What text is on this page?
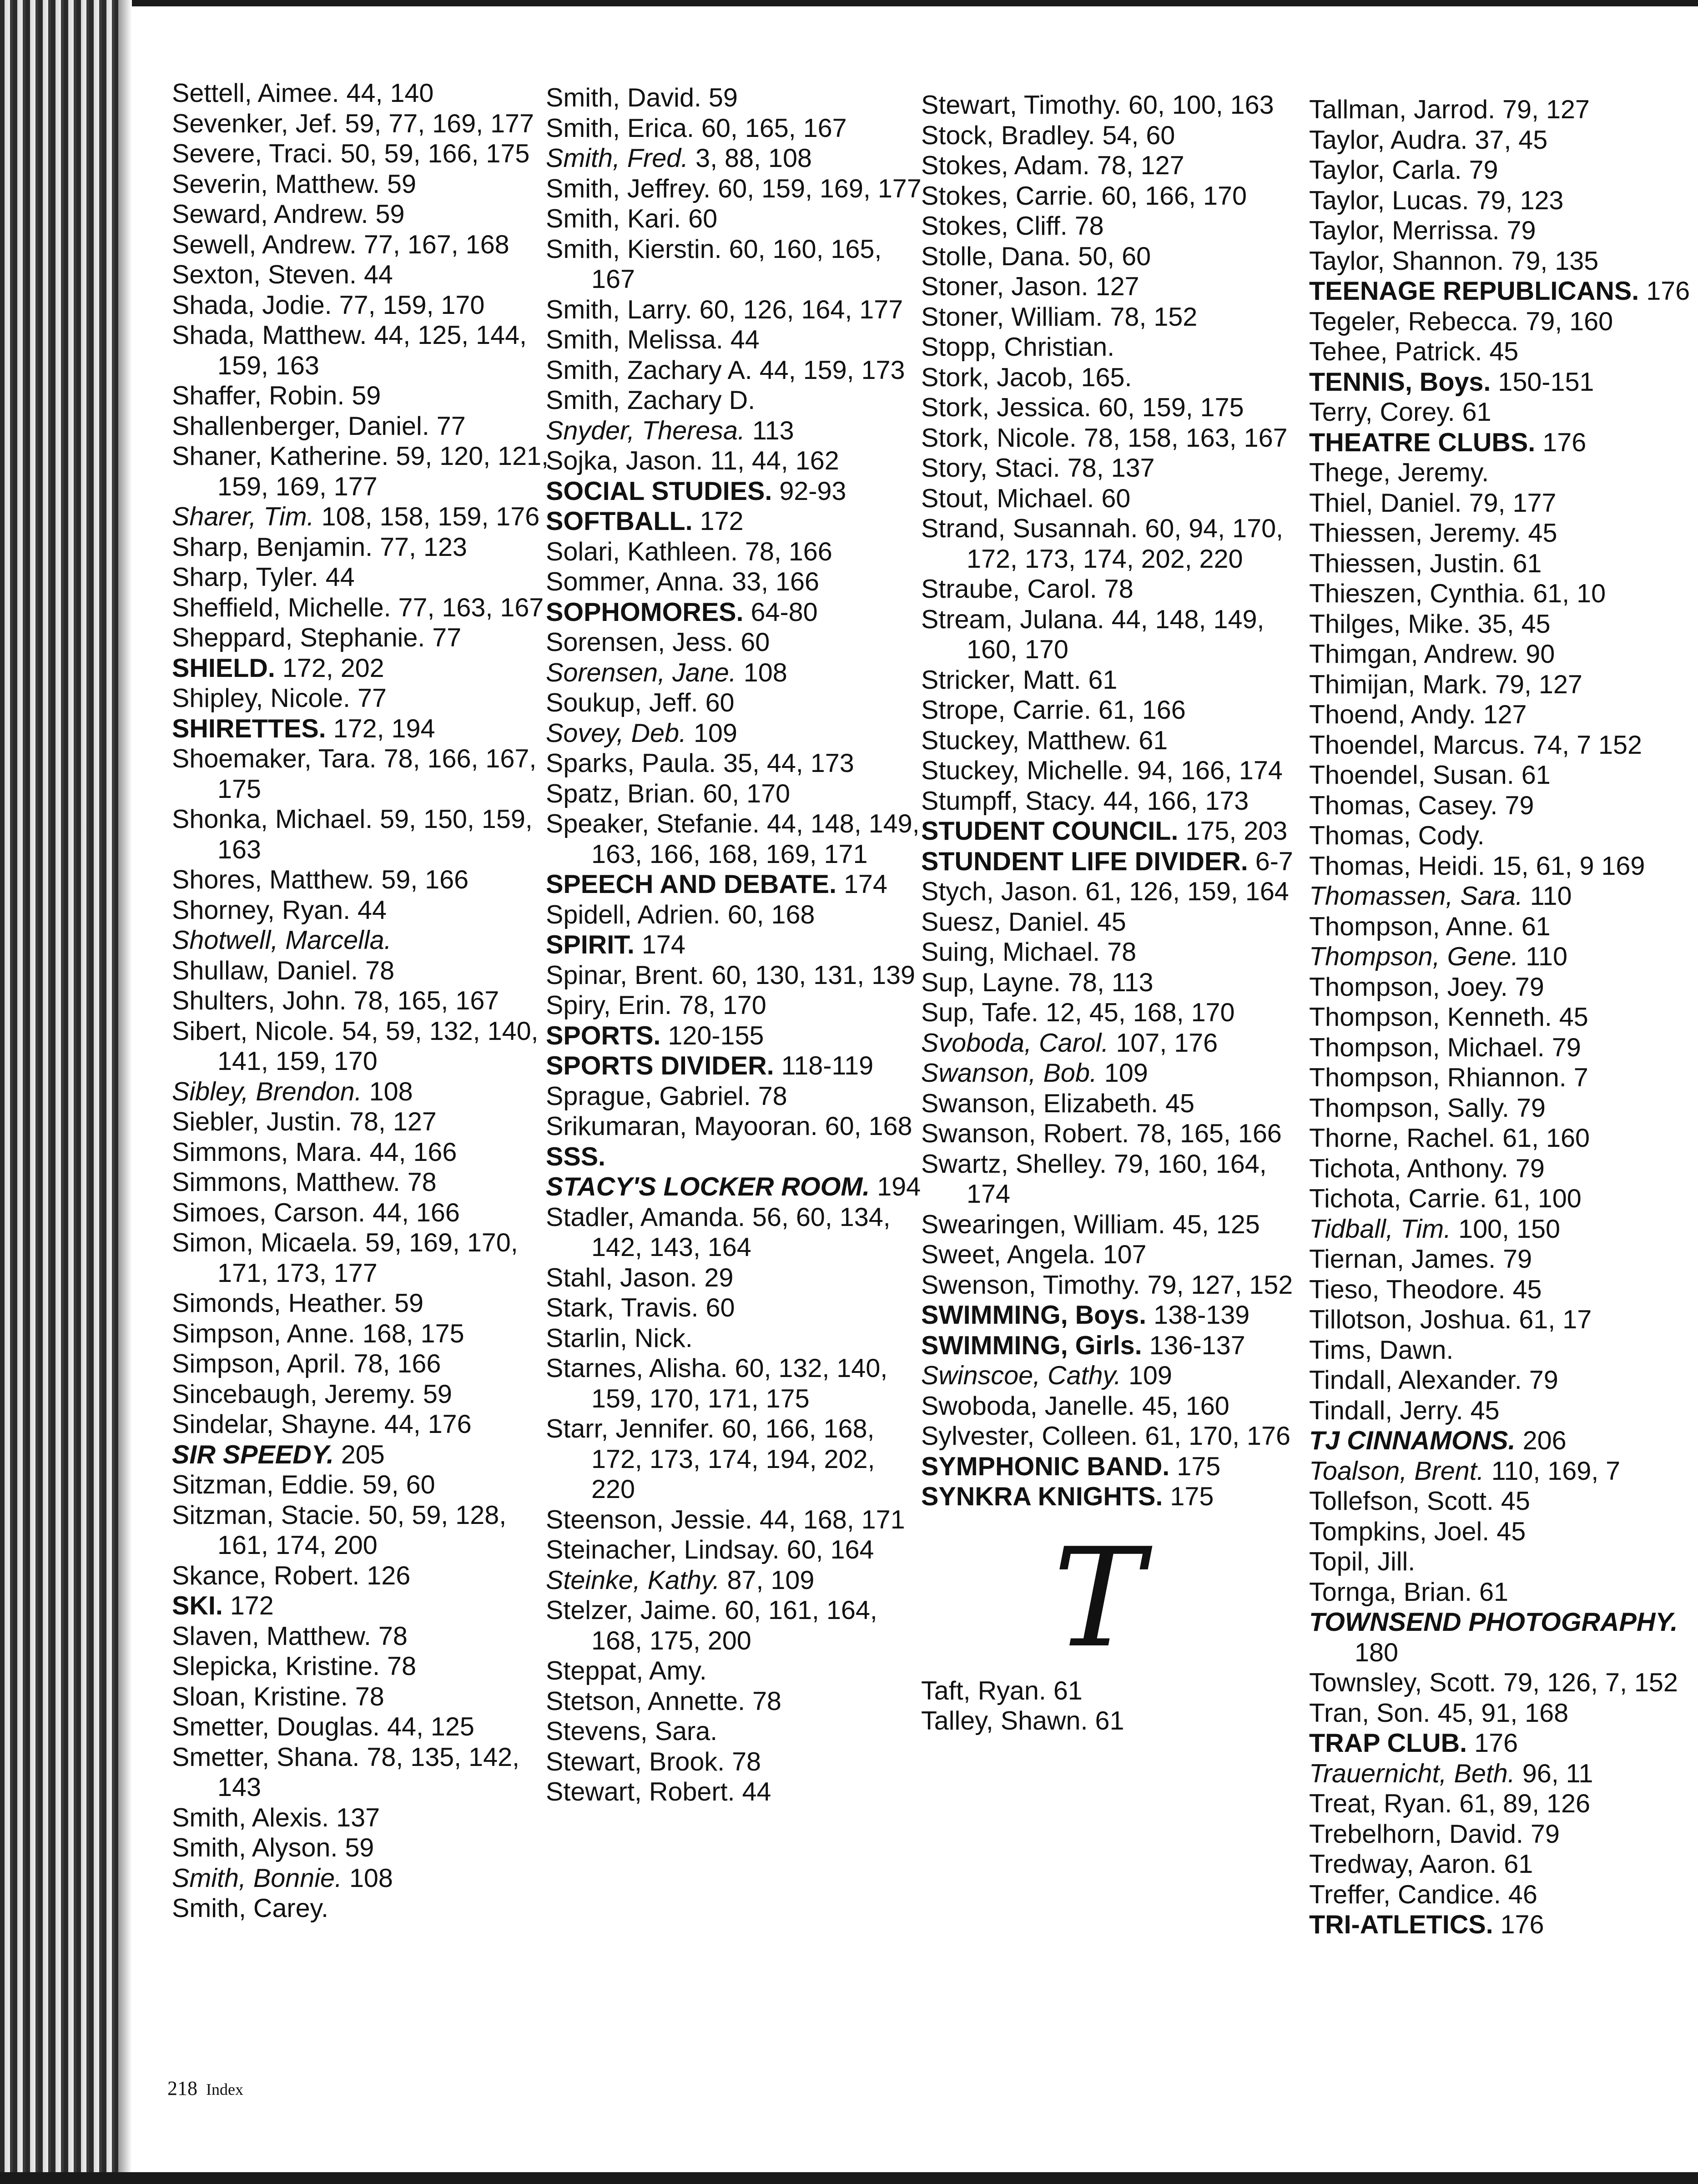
Settell, Aimee. 44, 140
Sevenker, Jef. 59, 77, 169, 177
Severe, Traci. 50, 59, 166, 175
Severin, Matthew. 59
Seward, Andrew. 59
Sewell, Andrew. 77, 167, 168
Sexton, Steven. 44
Shada, Jodie. 77, 159, 170
Shada, Matthew. 44, 125, 144, 159, 163
Shaffer, Robin. 59
Shallenberger, Daniel. 77
Shaner, Katherine. 59, 120, 121, 159, 169, 177
Sharer, Tim. 108, 158, 159, 176
Sharp, Benjamin. 77, 123
Sharp, Tyler. 44
Sheffield, Michelle. 77, 163, 167
Sheppard, Stephanie. 77
SHIELD. 172, 202
Shipley, Nicole. 77
SHIRETTES. 172, 194
Shoemaker, Tara. 78, 166, 167, 175
Shonka, Michael. 59, 150, 159, 163
Shores, Matthew. 59, 166
Shorney, Ryan. 44
Shotwell, Marcella.
Shullaw, Daniel. 78
Shulters, John. 78, 165, 167
Sibert, Nicole. 54, 59, 132, 140, 141, 159, 170
Sibley, Brendon. 108
Siebler, Justin. 78, 127
Simmons, Mara. 44, 166
Simmons, Matthew. 78
Simoes, Carson. 44, 166
Simon, Micaela. 59, 169, 170, 171, 173, 177
Simonds, Heather. 59
Simpson, Anne. 168, 175
Simpson, April. 78, 166
Sincebaugh, Jeremy. 59
Sindelar, Shayne. 44, 176
SIR SPEEDY. 205
Sitzman, Eddie. 59, 60
Sitzman, Stacie. 50, 59, 128, 161, 174, 200
Skance, Robert. 126
SKI. 172
Slaven, Matthew. 78
Slepicka, Kristine. 78
Sloan, Kristine. 78
Smetter, Douglas. 44, 125
Smetter, Shana. 78, 135, 142, 143
Smith, Alexis. 137
Smith, Alyson. 59
Smith, Bonnie. 108
Smith, Carey.
Smith, David. 59
Smith, Erica. 60, 165, 167
Smith, Fred. 3, 88, 108
Smith, Jeffrey. 60, 159, 169, 177
Smith, Kari. 60
Smith, Kierstin. 60, 160, 165, 167
Smith, Larry. 60, 126, 164, 177
Smith, Melissa. 44
Smith, Zachary A. 44, 159, 173
Smith, Zachary D.
Snyder, Theresa. 113
Sojka, Jason. 11, 44, 162
SOCIAL STUDIES. 92-93
SOFTBALL. 172
Solari, Kathleen. 78, 166
Sommer, Anna. 33, 166
SOPHOMORES. 64-80
Sorensen, Jess. 60
Sorensen, Jane. 108
Soukup, Jeff. 60
Sovey, Deb. 109
Sparks, Paula. 35, 44, 173
Spatz, Brian. 60, 170
Speaker, Stefanie. 44, 148, 149, 163, 166, 168, 169, 171
SPEECH AND DEBATE. 174
Spidell, Adrien. 60, 168
SPIRIT. 174
Spinar, Brent. 60, 130, 131, 139
Spiry, Erin. 78, 170
SPORTS. 120-155
SPORTS DIVIDER. 118-119
Sprague, Gabriel. 78
Srikumaran, Mayooran. 60, 168
SSS.
STACY'S LOCKER ROOM. 194
Stadler, Amanda. 56, 60, 134, 142, 143, 164
Stahl, Jason. 29
Stark, Travis. 60
Starlin, Nick.
Starnes, Alisha. 60, 132, 140, 159, 170, 171, 175
Starr, Jennifer. 60, 166, 168, 172, 173, 174, 194, 202, 220
Steenson, Jessie. 44, 168, 171
Steinacher, Lindsay. 60, 164
Steinke, Kathy. 87, 109
Stelzer, Jaime. 60, 161, 164, 168, 175, 200
Steppat, Amy.
Stetson, Annette. 78
Stevens, Sara.
Stewart, Brook. 78
Stewart, Robert. 44
Stewart, Timothy. 60, 100, 163
Stock, Bradley. 54, 60
Stokes, Adam. 78, 127
Stokes, Carrie. 60, 166, 170
Stokes, Cliff. 78
Stolle, Dana. 50, 60
Stoner, Jason. 127
Stoner, William. 78, 152
Stopp, Christian.
Stork, Jacob, 165.
Stork, Jessica. 60, 159, 175
Stork, Nicole. 78, 158, 163, 167
Story, Staci. 78, 137
Stout, Michael. 60
Strand, Susannah. 60, 94, 170, 172, 173, 174, 202, 220
Straube, Carol. 78
Stream, Julana. 44, 148, 149, 160, 170
Stricker, Matt. 61
Strope, Carrie. 61, 166
Stuckey, Matthew. 61
Stuckey, Michelle. 94, 166, 174
Stumpff, Stacy. 44, 166, 173
STUDENT COUNCIL. 175, 203
STUNDENT LIFE DIVIDER. 6-7
Stych, Jason. 61, 126, 159, 164
Suesz, Daniel. 45
Suing, Michael. 78
Sup, Layne. 78, 113
Sup, Tafe. 12, 45, 168, 170
Svoboda, Carol. 107, 176
Swanson, Bob. 109
Swanson, Elizabeth. 45
Swanson, Robert. 78, 165, 166
Swartz, Shelley. 79, 160, 164, 174
Swearingen, William. 45, 125
Sweet, Angela. 107
Swenson, Timothy. 79, 127, 152
SWIMMING, Boys. 138-139
SWIMMING, Girls. 136-137
Swinscoe, Cathy. 109
Swoboda, Janelle. 45, 160
Sylvester, Colleen. 61, 170, 176
SYMPHONIC BAND. 175
SYNKRA KNIGHTS. 175
T
Taft, Ryan. 61
Talley, Shawn. 61
Tallman, Jarrod. 79, 127
Taylor, Audra. 37, 45
Taylor, Carla. 79
Taylor, Lucas. 79, 123
Taylor, Merrissa. 79
Taylor, Shannon. 79, 135
TEENAGE REPUBLICANS. 176
Tegeler, Rebecca. 79, 160
Tehee, Patrick. 45
TENNIS, Boys. 150-151
Terry, Corey. 61
THEATRE CLUBS. 176
Thege, Jeremy.
Thiel, Daniel. 79, 177
Thiessen, Jeremy. 45
Thiessen, Justin. 61
Thieszen, Cynthia. 61, 10
Thilges, Mike. 35, 45
Thimgan, Andrew. 90
Thimijan, Mark. 79, 127
Thoend, Andy. 127
Thoendel, Marcus. 74, 7 152
Thoendel, Susan. 61
Thomas, Casey. 79
Thomas, Cody.
Thomas, Heidi. 15, 61, 9 169
Thomassen, Sara. 110
Thompson, Anne. 61
Thompson, Gene. 110
Thompson, Joey. 79
Thompson, Kenneth. 45
Thompson, Michael. 79
Thompson, Rhiannon. 7
Thompson, Sally. 79
Thorne, Rachel. 61, 160
Tichota, Anthony. 79
Tichota, Carrie. 61, 100
Tidball, Tim. 100, 150
Tiernan, James. 79
Tieso, Theodore. 45
Tillotson, Joshua. 61, 17
Tims, Dawn.
Tindall, Alexander. 79
Tindall, Jerry. 45
TJ CINNAMONS. 206
Toalson, Brent. 110, 169, 7
Tollefson, Scott. 45
Tompkins, Joel. 45
Topil, Jill.
Tornga, Brian. 61
TOWNSEND PHOTOGRAPHY. 180
Townsley, Scott. 79, 126, 7, 152
Tran, Son. 45, 91, 168
TRAP CLUB. 176
Trauernicht, Beth. 96, 11
Treat, Ryan. 61, 89, 126
Trebelhorn, David. 79
Tredway, Aaron. 61
Treffer, Candice. 46
TRI-ATLETICS. 176
218 Index
